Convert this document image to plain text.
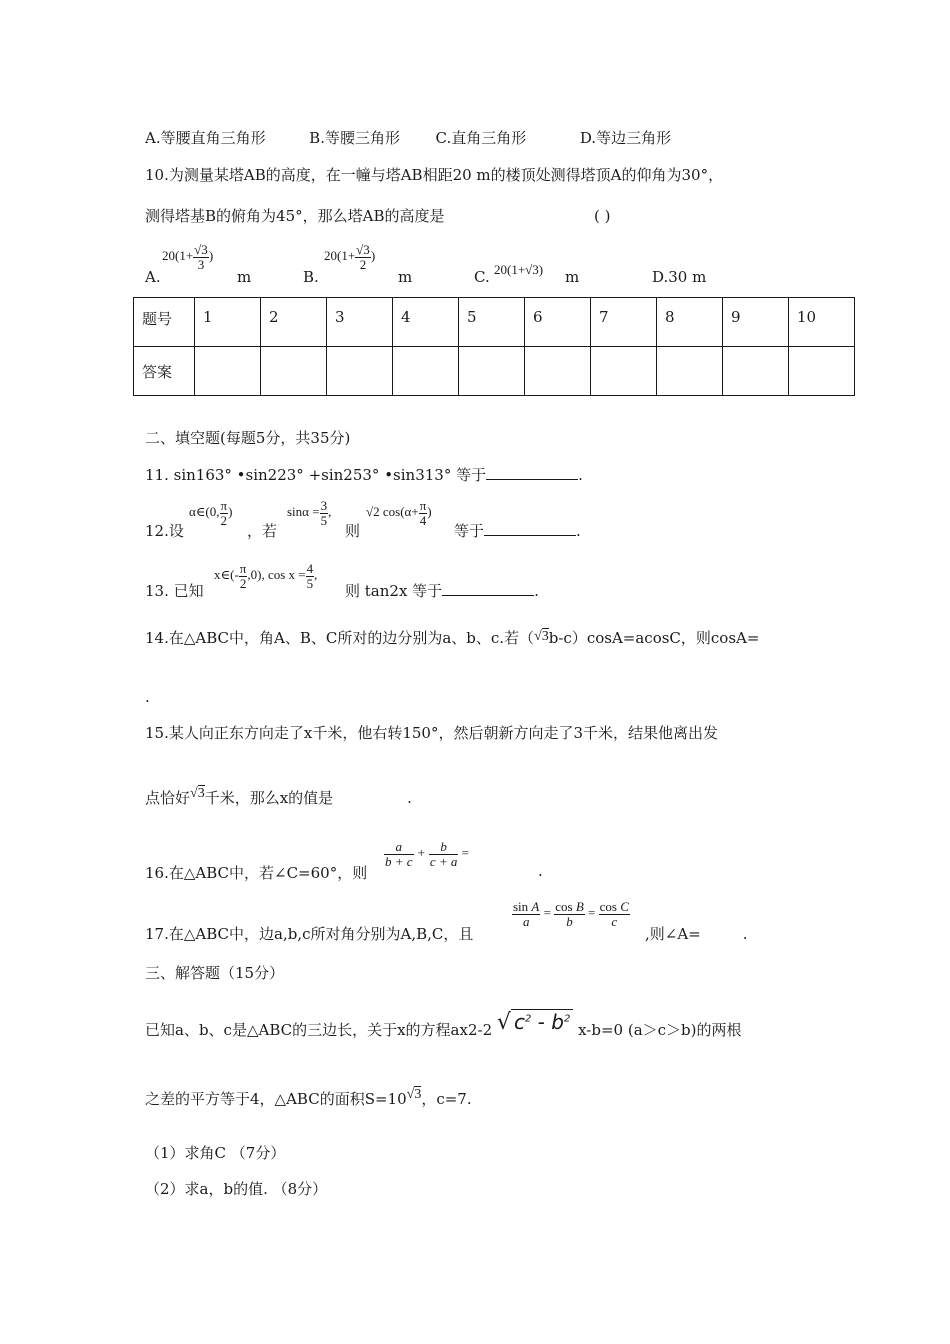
A.等腰直角三角形	B.等腰三角形 C.直角三角形	D.等边三角形
10.为测量某塔AB的高度，在一幢与塔AB相距20 m的楼顶处测得塔顶A的仰角为30°，
测得塔基B的俯角为45°，那么塔AB的高度是	( )
A.
$20(1+ \frac{√3}{3}$ )
m	B.
$20(1+ \frac{√3}{2}$ )
m	C. 20(1+√3) m	D.30 m
题号	1	2	3	4	5	6	7	8	9	10
答案										
二、填空题(每题5分，共35分)
11. sin163° •sin223° +sin253° •sin313° 等于	.
12.设
α∈(0, $\frac{\pi}{2}$ )
，若
$\sin\alpha = \frac{3}{5}$ ,
则
√2 $\cos(\alpha+ \frac{\pi}{4}$ )
等于	.
13. 已知
x∈(- $\frac{\pi}{2} ,0$), $\cos x = \frac{4}{5}$ ,
则 tan2x 等于	.
14.在△ABC中，角A、B、C所对的边分别为a、b、c.若（√3b-c）cosA=acosC，则cosA=
.
15.某人向正东方向走了x千米，他右转150°，然后朝新方向走了3千米，结果他离出发
点恰好√3千米，那么x的值是	.
16.在△ABC中，若∠C=60°，则
$\frac{a}{b + c} + \frac{b}{c + a}$ =
.
17.在△ABC中，边a,b,c所对角分别为A,B,C，且
$\frac{\text{sin A}}{a} = \frac{\text{cos B}}{b} = \frac{\text{cos C}}{c}$
,则∠A=	.
三、解答题（15分）
已知a、b、c是△ABC的三边长，关于x的方程ax2-2 √ $c^2 - b^2$ x-b=0 (a＞c＞b)的两根
之差的平方等于4，△ABC的面积S=10√3，c=7.
（1）求角C （7分）
（2）求a，b的值. （8分）
